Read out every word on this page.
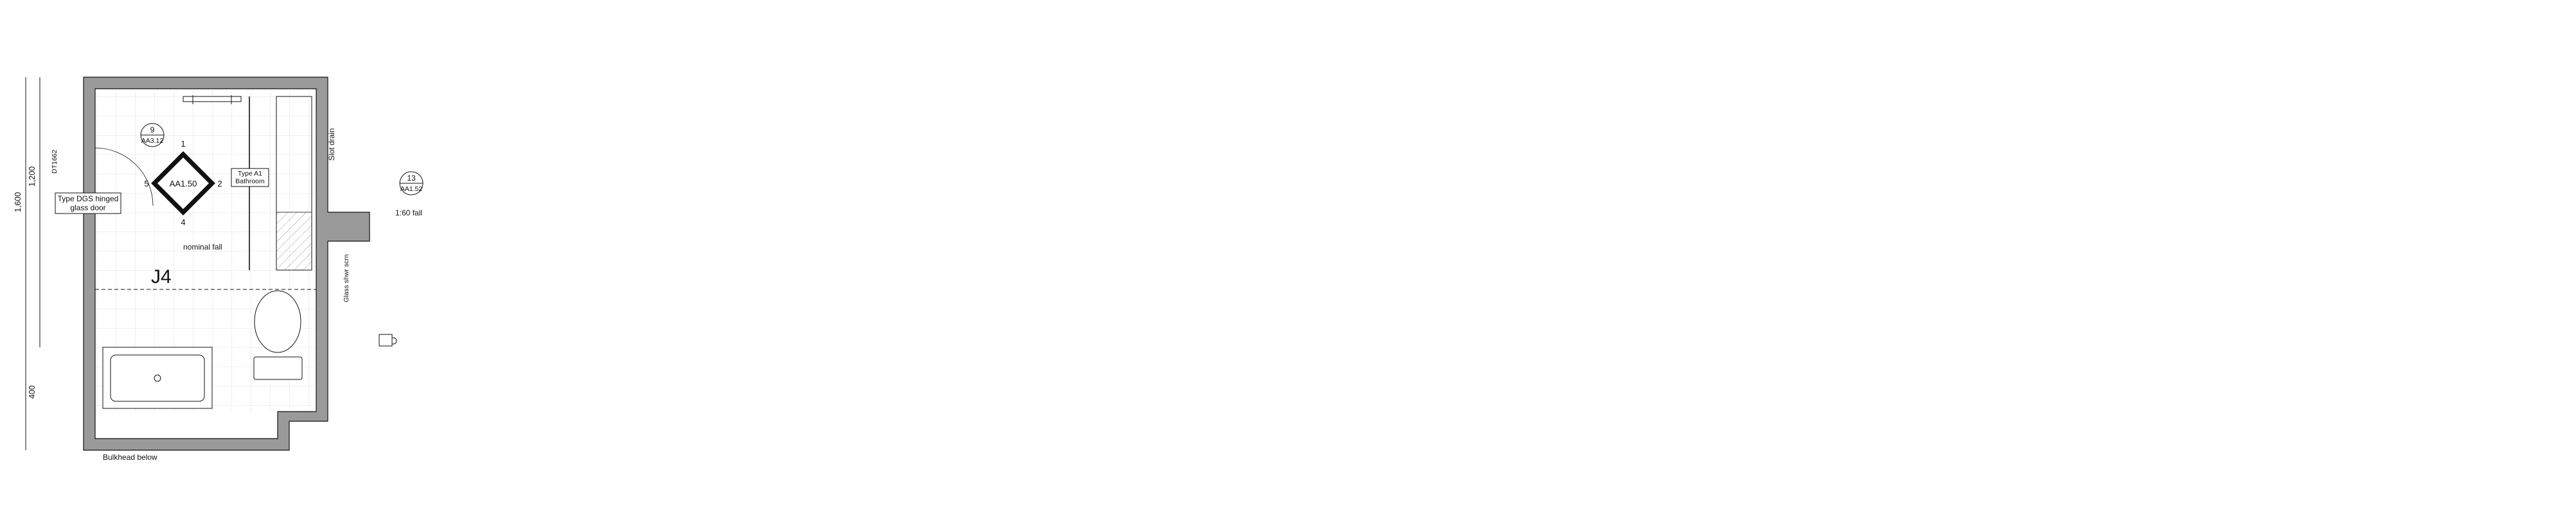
AA1.50
1
2
4
5
Type A1
Bathroom
9
AA3.12
13
AA1.52
J4
Type DGS hinged
glass door
nominal fall
1:60 fall
Slot drain
Glass shwr scrn
Bulkhead below
DT1662
1,600
1,200
400
